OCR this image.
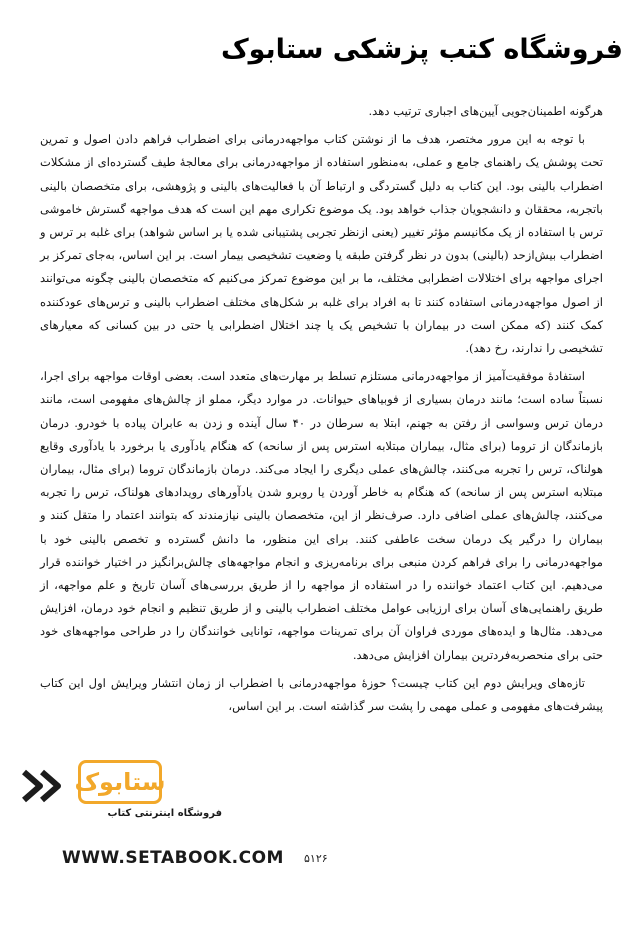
فروشگاه کتب پزشکی ستابوک

هرگونه اطمینان‌جویی آیین‌های اجباری ترتیب دهد.

با توجه به این مرور مختصر، هدف ما از نوشتن کتاب مواجهه‌درمانی برای اضطراب فراهم دادن اصول و تمرین تحت پوشش یک راهنمای جامع و عملی، به‌منظور استفاده از مواجهه‌درمانی برای معالجهٔ طیف گسترده‌ای از مشکلات اضطراب بالینی بود. این کتاب به دلیل گستردگی و ارتباط آن با فعالیت‌های بالینی و پژوهشی، برای متخصصان بالینی باتجربه، محققان و دانشجویان جذاب خواهد بود. یک موضوع تکراری مهم این است که هدف مواجهه گسترش خاموشی ترس با استفاده از یک مکانیسم مؤثر تغییر (یعنی ازنظر تجربی پشتیبانی شده یا بر اساس شواهد) برای غلبه بر ترس و اضطراب بیش‌ازحد (بالینی) بدون در نظر گرفتن طبقه یا وضعیت تشخیصی بیمار است. بر این اساس، به‌جای تمرکز بر اجرای مواجهه برای اختلالات اضطرابی مختلف، ما بر این موضوع تمرکز می‌کنیم که متخصصان بالینی چگونه می‌توانند از اصول مواجهه‌درمانی استفاده کنند تا به افراد برای غلبه بر شکل‌های مختلف اضطراب بالینی و ترس‌های عودکننده کمک کنند (که ممکن است در بیماران با تشخیص یک یا چند اختلال اضطرابی یا حتی در بین کسانی که معیارهای تشخیصی را ندارند، رخ دهد).

استفادهٔ موفقیت‌آمیز از مواجهه‌درمانی مستلزم تسلط بر مهارت‌های متعدد است. بعضی اوقات مواجهه برای اجرا، نسبتاً ساده است؛ مانند درمان بسیاری از فوبیاهای حیوانات. در موارد دیگر، مملو از چالش‌های مفهومی است، مانند درمان ترس وسواسی از رفتن به جهنم، ابتلا به سرطان در ۴۰ سال آینده و زدن به عابران پیاده با خودرو. درمان بازماندگان از تروما (برای مثال، بیماران مبتلابه استرس پس از سانحه) که هنگام یادآوری یا برخورد با یادآوری وقایع هولناک، ترس را تجربه می‌کنند، چالش‌های عملی دیگری را ایجاد می‌کند. درمان بازماندگان تروما (برای مثال، بیماران مبتلابه استرس پس از سانحه) که هنگام به خاطر آوردن یا روبرو شدن یادآورهای رویدادهای هولناک، ترس را تجربه می‌کنند، چالش‌های عملی اضافی دارد. صرف‌نظر از این، متخصصان بالینی نیازمندند که بتوانند اعتماد را متقل کنند و بیماران را درگیر یک درمان سخت عاطفی کنند. برای این منظور، ما دانش گسترده و تخصص بالینی خود با مواجهه‌درمانی را برای فراهم کردن منبعی برای برنامه‌ریزی و انجام مواجهه‌های چالش‌برانگیز در اختیار خواننده قرار می‌دهیم. این کتاب اعتماد خواننده را در استفاده از مواجهه را از طریق بررسی‌های آسان تاریخ و علم مواجهه، از طریق راهنمایی‌های آسان برای ارزیابی عوامل مختلف اضطراب بالینی و از طریق تنظیم و انجام خود درمان، افزایش می‌دهد. مثال‌ها و ایده‌های موردی فراوان آن برای تمرینات مواجهه، توانایی خوانندگان را در طراحی مواجهه‌های خود حتی برای منحصربه‌فردترین بیماران افزایش می‌دهد.

تازه‌های ویرایش دوم این کتاب چیست؟ حوزهٔ مواجهه‌درمانی با اضطراب از زمان انتشار ویرایش اول این کتاب پیشرفت‌های مفهومی و عملی مهمی را پشت سر گذاشته است. بر این اساس،

ستابوک
فروشگاه اینترنتی کتاب

WWW.SETABOOK.COM ۵۱۲۶
